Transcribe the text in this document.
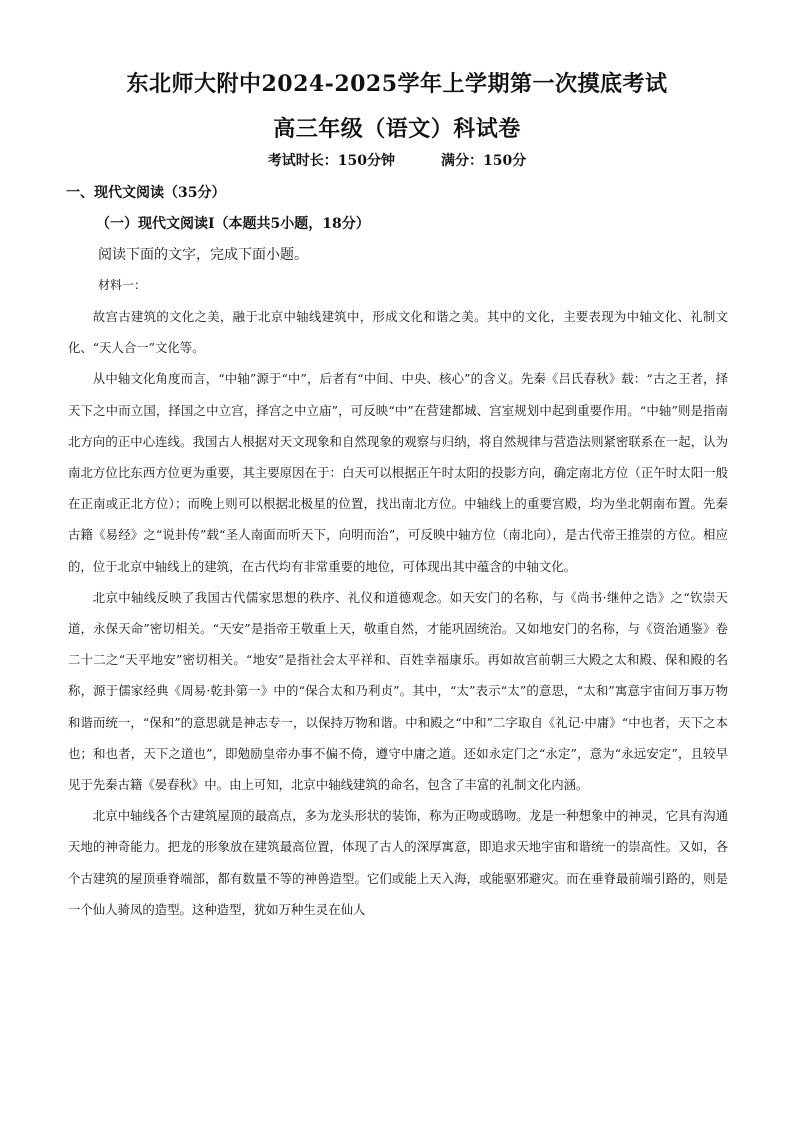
东北师大附中2024-2025学年上学期第一次摸底考试
高三年级（语文）科试卷
考试时长：150分钟	满分：150分
一、现代文阅读（35分）
（一）现代文阅读Ⅰ（本题共5小题，18分）
阅读下面的文字，完成下面小题。
材料一：

故宫古建筑的文化之美，融于北京中轴线建筑中，形成文化和谐之美。其中的文化，主要表现为中轴文化、礼制文化、“天人合一”文化等。

从中轴文化角度而言，“中轴”源于“中”，后者有“中间、中央、核心”的含义。先秦《吕氏春秋》载：“古之王者，择天下之中而立国，择国之中立宫，择宫之中立庙”，可反映“中”在营建都城、宫室规划中起到重要作用。“中轴”则是指南北方向的正中心连线。我国古人根据对天文现象和自然现象的观察与归纳，将自然规律与营造法则紧密联系在一起，认为南北方位比东西方位更为重要，其主要原因在于：白天可以根据正午时太阳的投影方向，确定南北方位（正午时太阳一般在正南或正北方位）；而晚上则可以根据北极星的位置，找出南北方位。中轴线上的重要宫殿，均为坐北朝南布置。先秦古籍《易经》之“说卦传”载“圣人南面而听天下，向明而治”，可反映中轴方位（南北向），是古代帝王推崇的方位。相应的，位于北京中轴线上的建筑，在古代均有非常重要的地位，可体现出其中蕴含的中轴文化。

北京中轴线反映了我国古代儒家思想的秩序、礼仪和道德观念。如天安门的名称，与《尚书·继仲之诰》之“钦崇天道，永保天命”密切相关。“天安”是指帝王敬重上天，敬重自然，才能巩固统治。又如地安门的名称，与《资治通鉴》卷二十二之“天平地安”密切相关。“地安”是指社会太平祥和、百姓幸福康乐。再如故宫前朝三大殿之太和殿、保和殿的名称，源于儒家经典《周易·乾卦第一》中的“保合太和乃利贞”。其中，“太”表示“太”的意思，“太和”寓意宇宙间万事万物和谐而统一，“保和”的意思就是神志专一，以保持万物和谐。中和殿之“中和”二字取自《礼记·中庸》“中也者，天下之本也；和也者，天下之道也”，即勉励皇帝办事不偏不倚，遵守中庸之道。还如永定门之“永定”，意为“永远安定”，且较早见于先秦古籍《晏春秋》中。由上可知，北京中轴线建筑的命名，包含了丰富的礼制文化内涵。

北京中轴线各个古建筑屋顶的最高点，多为龙头形状的装饰，称为正吻或鸱吻。龙是一种想象中的神灵，它具有沟通天地的神奇能力。把龙的形象放在建筑最高位置，体现了古人的深厚寓意，即追求天地宇宙和谐统一的崇高性。又如，各个古建筑的屋顶垂脊端部，都有数量不等的神兽造型。它们或能上天入海，或能驱邪避灾。而在垂脊最前端引路的，则是一个仙人骑凤的造型。这种造型，犹如万种生灵在仙人
